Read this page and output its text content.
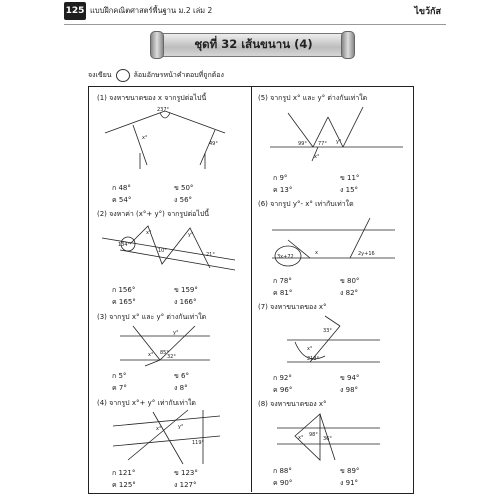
125 แบบฝึกคณิตศาสตร์พื้นฐาน ม.2 เล่ม 2	ไขว้กัส
ชุดที่ 32 เส้นขนาน (4)
จงเขียน	ล้อมอักษรหน้าคำตอบที่ถูกต้อง
(1) จงหาขนาดของ x จากรูปต่อไปนี้
237°
x°
49°
ก 48°	ข 50°
ค 54°	ง 56°
(2) จงหาค่า (x°+ y°) จากรูปต่อไปนี้
134°
x°	y°
21°
10°
ก 156°	ข 159°
ค 165°	ง 166°
(3) จากรูป x° และ y° ต่างกันเท่าใด
y°
x° 85°
32°
ก 5°	ข 6°
ค 7°	ง 8°
(4) จากรูป x°+ y° เท่ากับเท่าใด
x°	y°
119°
ก 121°	ข 123°
ค 125°	ง 127°
(5) จากรูป x° และ y° ต่างกันเท่าใด
99° 77° y°
x°
ก 9°	ข 11°
ค 13°	ง 15°
(6) จากรูป y°- x° เท่ากับเท่าใด
3x+72
x	2y+16
ก 78°	ข 80°
ค 81°	ง 82°
(7) จงหาขนาดของ x°
33°
x°
213°
ก 92°	ข 94°
ค 96°	ง 98°
(8) จงหาขนาดของ x°
x° 98°
36°
ก 88°	ข 89°
ค 90°	ง 91°
